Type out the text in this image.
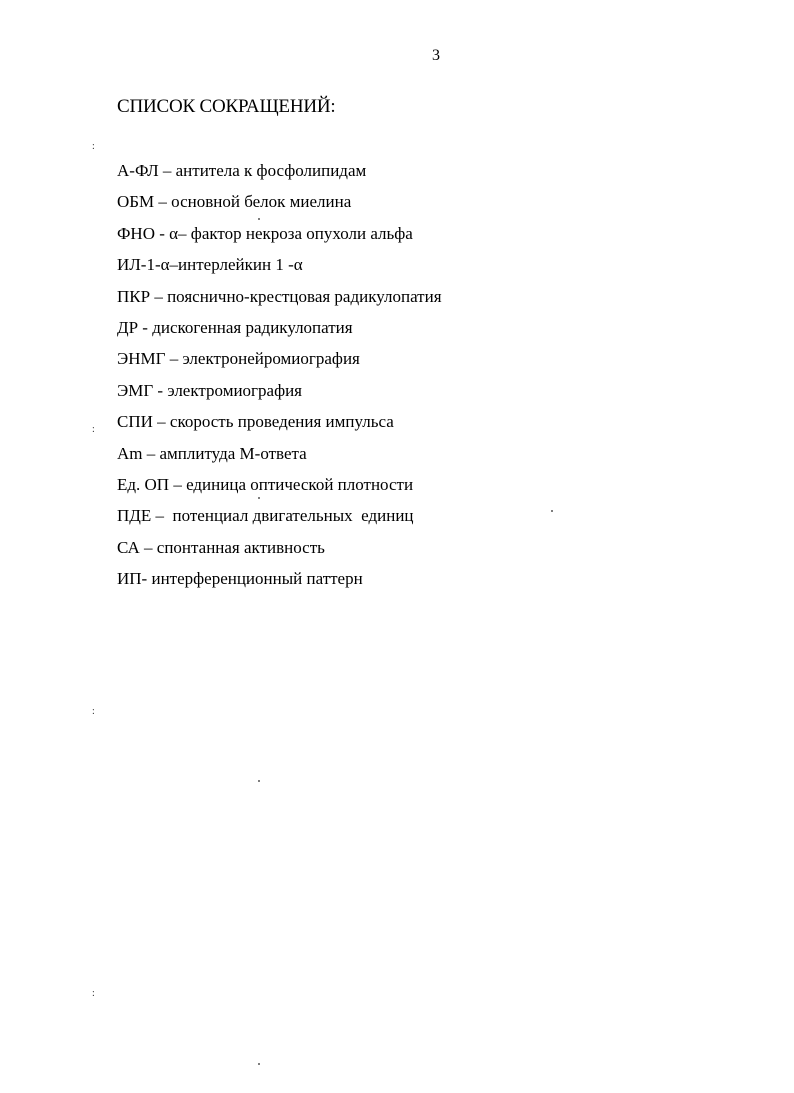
3
СПИСОК СОКРАЩЕНИЙ:
А-ФЛ – антитела к фосфолипидам
ОБМ – основной белок миелина
ФНО - α– фактор некроза опухоли альфа
ИЛ-1-α–интерлейкин 1 -α
ПКР – пояснично-крестцовая радикулопатия
ДР - дискогенная радикулопатия
ЭНМГ – электронейромиография
ЭМГ - электромиография
СПИ – скорость проведения импульса
Am – амплитуда М-ответа
Ед. ОП – единица оптической плотности
ПДЕ –  потенциал двигательных  единиц
СА – спонтанная активность
ИП- интерференционный паттерн
:
:
:
:
